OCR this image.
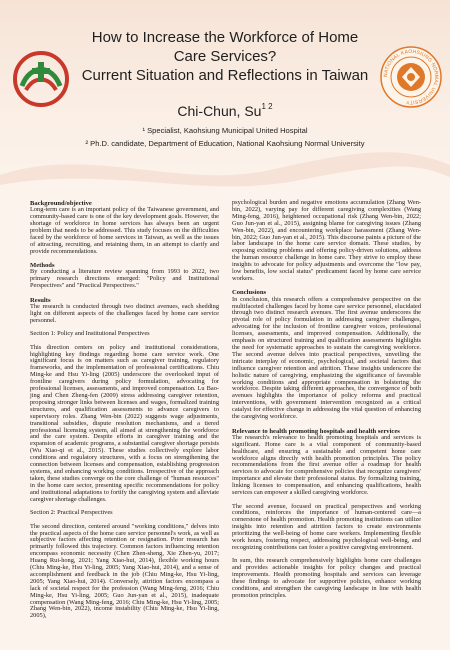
NATIONAL KAOHSIUNG NORMAL UNIVERSITY
How to Increase the Workforce of Home
Care Services?
Current Situation and Reflections in Taiwan
Chi-Chun, $Su^{1 2}$
¹ Specialist, Kaohsiung Municipal United Hospital
² Ph.D. candidate, Department of Education, National Kaohsiung Normal University
Background/objective

Long-term care is an important policy of the Taiwanese government, and community-based care is one of the key development goals. However, the shortage of workforce in home services has always been an urgent problem that needs to be addressed. This study focuses on the difficulties faced by the workforce of home services in Taiwan, as well as the issues of attracting, recruiting, and retaining them, in an attempt to clarify and provide recommendations.

Methods

By conducting a literature review spanning from 1993 to 2022, two primary research directions emerged: "Policy and Institutional Perspectives" and "Practical Perspectives."

Results

The research is conducted through two distinct avenues, each shedding light on different aspects of the challenges faced by home care service personnel.

Section 1: Policy and Institutional Perspectives

This direction centers on policy and institutional considerations, highlighting key findings regarding home care service work. One significant focus is on matters such as caregiver training, regulatory frameworks, and the implementation of professional certifications. Chiu Ming-ke and Hsu Yi-ling (2005) underscore the overlooked input of frontline caregivers during policy formulation, advocating for professional licenses, assessments, and improved compensation. Lu Bao-jing and Chen Zheng-fen (2009) stress addressing caregiver retention, proposing stronger links between licenses and wages, formalized training structures, and qualification assessments to advance caregivers to supervisory roles. Zhang Wen-bin (2022) suggests wage adjustments, transitional subsidies, dispute resolution mechanisms, and a tiered professional licensing system, all aimed at strengthening the workforce and the care system. Despite efforts in caregiver training and the expansion of academic programs, a substantial caregiver shortage persists (Wu Xiao-qi et al., 2015). These studies collectively explore labor conditions and regulatory structures, with a focus on strengthening the connection between licenses and compensation, establishing progression systems, and enhancing working conditions. Irrespective of the approach taken, these studies converge on the core challenge of "human resources" in the home care sector, presenting specific recommendations for policy and institutional adaptations to fortify the caregiving system and alleviate caregiver shortage challenges.

Section 2: Practical Perspectives

The second direction, centered around "working conditions," delves into the practical aspects of the home care service personnel's work, as well as subjective factors affecting retention or resignation. Prior research has primarily followed this trajectory. Common factors influencing retention encompass economic necessity (Chen Zhen-sheng, Xie Zhen-yu, 2017; Huang Rui-hong, 2021; Yang Xiao-hui, 2014), flexible working hours (Chiu Ming-ke, Hsu Yi-ling, 2005; Yang Xiao-hui, 2014), and a sense of accomplishment and feedback in the job (Chiu Ming-ke, Hsu Yi-ling, 2005; Yang Xiao-hui, 2014). Conversely, attrition factors encompass a lack of societal respect for the profession (Wang Ming-feng, 2016; Chiu Ming-ke, Hsu Yi-ling, 2005; Guo Jun-yan et al., 2015), inadequate compensation (Wang Ming-feng, 2016; Chiu Ming-ke, Hsu Yi-ling, 2005; Zhang Wen-bin, 2022), income instability (Chiu Ming-ke, Hsu Yi-ling, 2005),

psychological burden and negative emotions accumulation (Zhang Wen-bin, 2022), varying pay for different caregiving complexities (Wang Ming-feng, 2016), heightened occupational risk (Zhang Wen-bin, 2022; Guo Jun-yan et al., 2015), assigning blame for caregiving issues (Zhang Wen-bin, 2022), and encountering workplace harassment (Zhang Wen-bin, 2022; Guo Jun-yan et al., 2015). This discourse paints a picture of the labor landscape in the home care service domain. These studies, by exposing existing problems and offering policy-driven solutions, address the human resource challenge in home care. They strive to employ these insights to advocate for policy adjustments and overcome the "low pay, low benefits, low social status" predicament faced by home care service workers.

Conclusions

In conclusion, this research offers a comprehensive perspective on the multifaceted challenges faced by home care service personnel, elucidated through two distinct research avenues. The first avenue underscores the pivotal role of policy formulation in addressing caregiver challenges, advocating for the inclusion of frontline caregiver voices, professional licenses, assessments, and improved compensation. Additionally, the emphasis on structured training and qualification assessments highlights the need for systematic approaches to sustain the caregiving workforce. The second avenue delves into practical perspectives, unveiling the intricate interplay of economic, psychological, and societal factors that influence caregiver retention and attrition. These insights underscore the holistic nature of caregiving, emphasizing the significance of favorable working conditions and appropriate compensation in bolstering the workforce. Despite taking different approaches, the convergence of both avenues highlights the importance of policy reforms and practical interventions, with government intervention recognized as a critical catalyst for effective change in addressing the vital question of enhancing the caregiving workforce.

Relevance to health promoting hospitals and health services

The research's relevance to health promoting hospitals and services is significant. Home care is a vital component of community-based healthcare, and ensuring a sustainable and competent home care workforce aligns directly with health promotion principles. The policy recommendations from the first avenue offer a roadmap for health services to advocate for comprehensive policies that recognize caregivers' importance and elevate their professional status. By formalizing training, linking licenses to compensation, and enhancing qualifications, health services can empower a skilled caregiving workforce.

The second avenue, focused on practical perspectives and working conditions, reinforces the importance of human-centered care—a cornerstone of health promotion. Health promoting institutions can utilize insights into retention and attrition factors to create environments prioritizing the well-being of home care workers. Implementing flexible work hours, fostering respect, addressing psychological well-being, and recognizing contributions can foster a positive caregiving environment.

In sum, this research comprehensively highlights home care challenges and provides actionable insights for policy changes and practical improvements. Health promoting hospitals and services can leverage these findings to advocate for supportive policies, enhance working conditions, and strengthen the caregiving landscape in line with health promotion principles.
